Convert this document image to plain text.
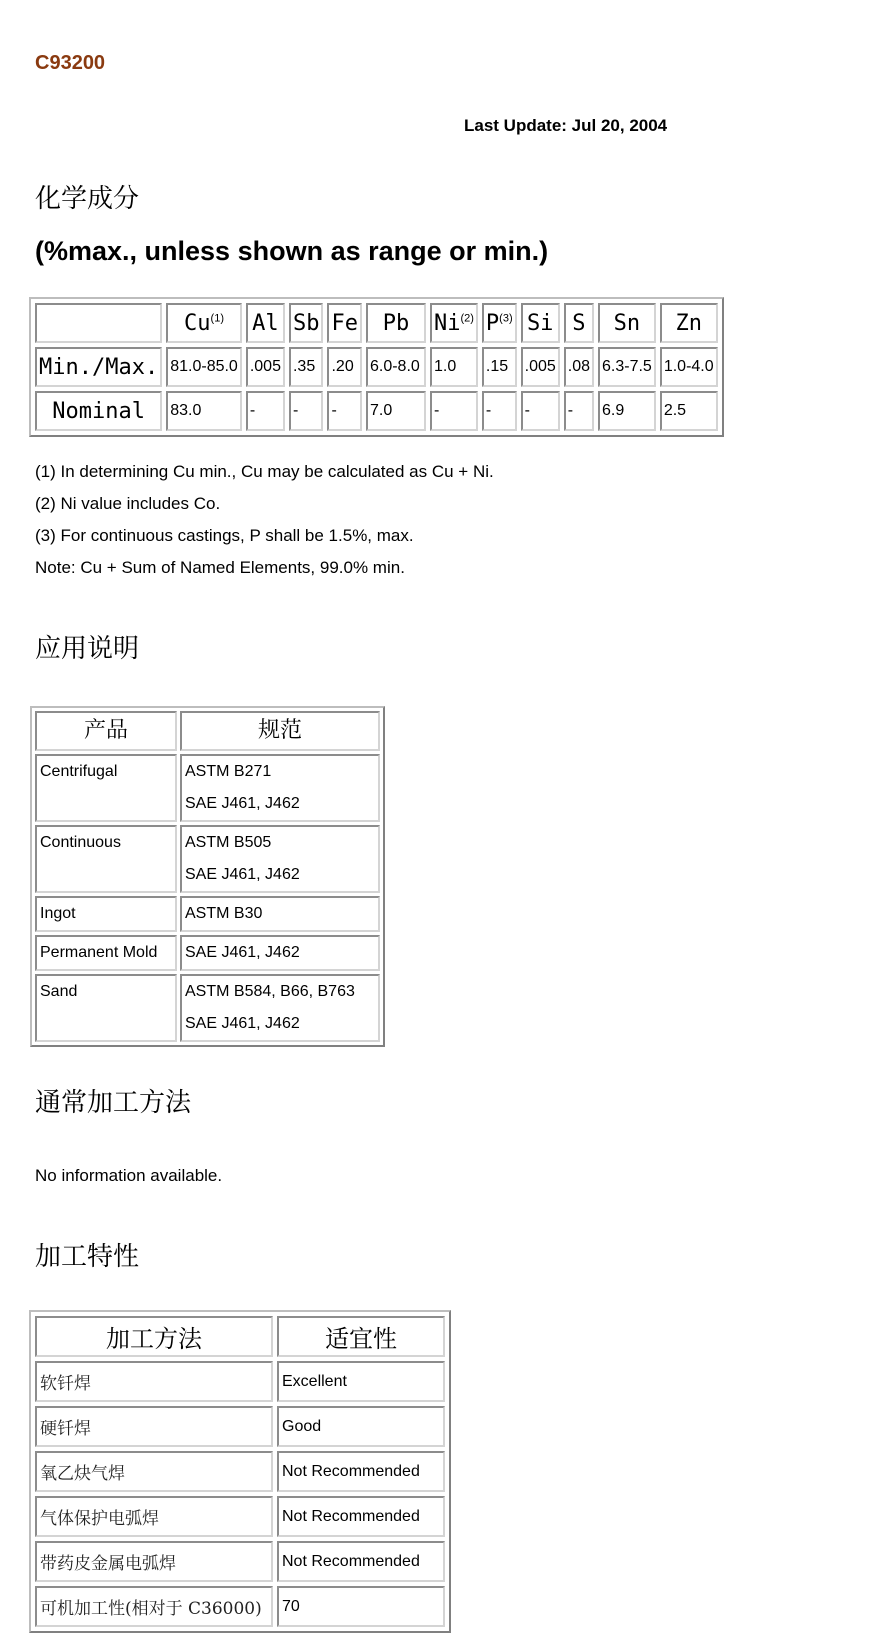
C93200
Last Update: Jul 20, 2004
化学成分
(%max., unless shown as range or min.)
	Cu$^{(1)}$	Al	Sb	Fe	Pb	Ni$^{(2)}$	$P^{(3)}$	Si	S	Sn	Zn
Min./Max.	81.0-85.0	.005	.35	.20	6.0-8.0	1.0	.15	.005	.08	6.3-7.5	1.0-4.0
Nominal	83.0	-	-	-	7.0	-	-	-	-	6.9	2.5
(1) In determining Cu min., Cu may be calculated as Cu + Ni.
(2) Ni value includes Co.
(3) For continuous castings, P shall be 1.5%, max.
Note: Cu + Sum of Named Elements, 99.0% min.
应用说明
产品	规范
Centrifugal	ASTM B271
SAE J461, J462

Continuous	ASTM B505
SAE J461, J462

Ingot	ASTM B30

Permanent Mold	SAE J461, J462

Sand	ASTM B584, B66, B763
SAE J461, J462
通常加工方法
No information available.
加工特性
加工方法	适宜性
软钎焊	Excellent
硬钎焊	Good
氧乙炔气焊	Not Recommended
气体保护电弧焊	Not Recommended
带药皮金属电弧焊	Not Recommended
可机加工性(相对于 C36000)	70
